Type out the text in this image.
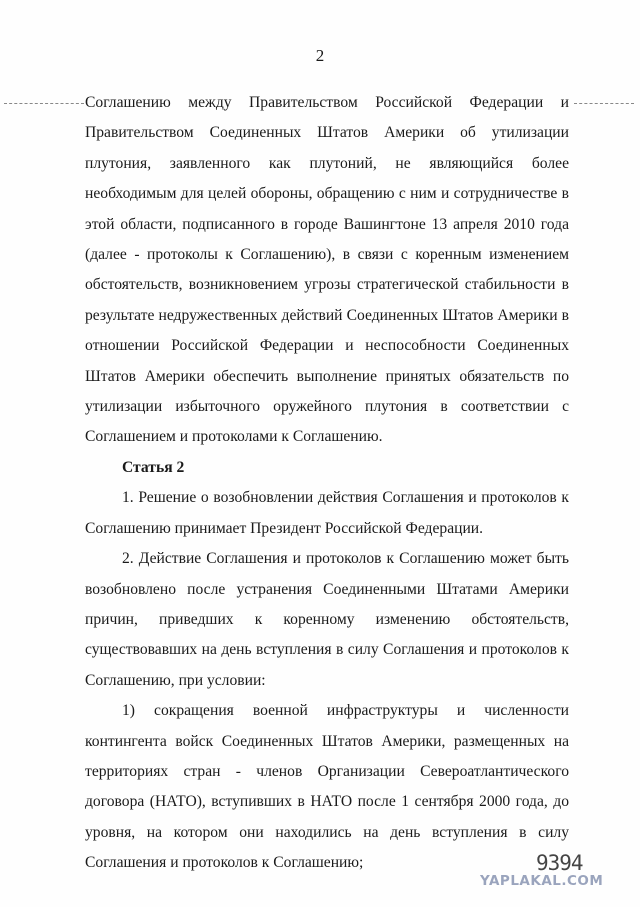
2

Соглашению между Правительством Российской Федерации и Правительством Соединенных Штатов Америки об утилизации плутония, заявленного как плутоний, не являющийся более необходимым для целей обороны, обращению с ним и сотрудничестве в этой области, подписанного в городе Вашингтоне 13 апреля 2010 года (далее - протоколы к Соглашению), в связи с коренным изменением обстоятельств, возникновением угрозы стратегической стабильности в результате недружественных действий Соединенных Штатов Америки в отношении Российской Федерации и неспособности Соединенных Штатов Америки обеспечить выполнение принятых обязательств по утилизации избыточного оружейного плутония в соответствии с Соглашением и протоколами к Соглашению.

Статья 2

1. Решение о возобновлении действия Соглашения и протоколов к Соглашению принимает Президент Российской Федерации.

2. Действие Соглашения и протоколов к Соглашению может быть возобновлено после устранения Соединенными Штатами Америки причин, приведших к коренному изменению обстоятельств, существовавших на день вступления в силу Соглашения и протоколов к Соглашению, при условии:

1) сокращения военной инфраструктуры и численности контингента войск Соединенных Штатов Америки, размещенных на территориях стран - членов Организации Североатлантического договора (НАТО), вступивших в НАТО после 1 сентября 2000 года, до уровня, на котором они находились на день вступления в силу Соглашения и протоколов к Соглашению;	9394
YAPLAKAL.COM
